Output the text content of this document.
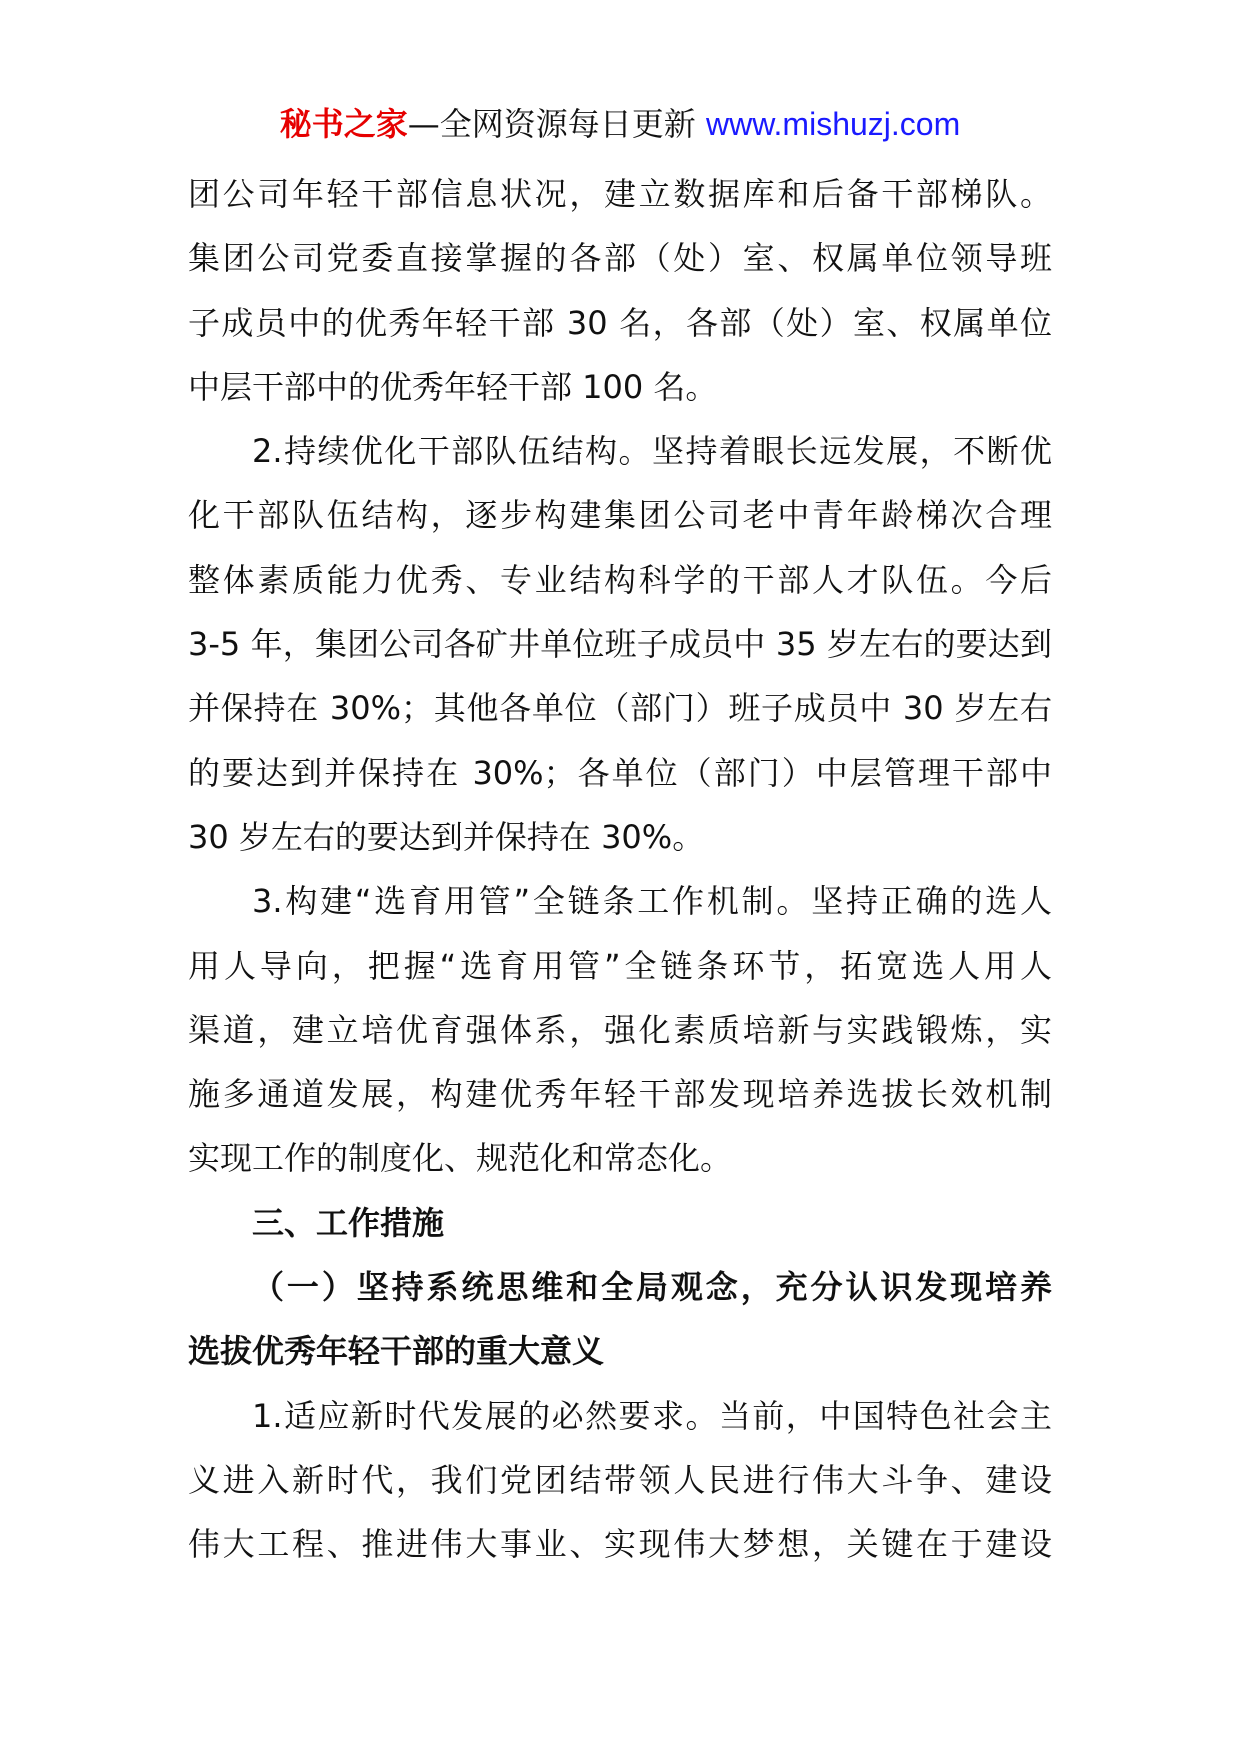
秘书之家—全网资源每日更新 www.mishuzj.com
团公司年轻干部信息状况，建立数据库和后备干部梯队。
集团公司党委直接掌握的各部（处）室、权属单位领导班
子成员中的优秀年轻干部 30 名，各部（处）室、权属单位
中层干部中的优秀年轻干部 100 名。
2.持续优化干部队伍结构。坚持着眼长远发展，不断优
化干部队伍结构，逐步构建集团公司老中青年龄梯次合理
整体素质能力优秀、专业结构科学的干部人才队伍。今后
3-5 年，集团公司各矿井单位班子成员中 35 岁左右的要达到
并保持在 30%；其他各单位（部门）班子成员中 30 岁左右
的要达到并保持在 30%；各单位（部门）中层管理干部中
30 岁左右的要达到并保持在 30%。
3.构建“选育用管”全链条工作机制。坚持正确的选人
用人导向，把握“选育用管”全链条环节，拓宽选人用人
渠道，建立培优育强体系，强化素质培新与实践锻炼，实
施多通道发展，构建优秀年轻干部发现培养选拔长效机制
实现工作的制度化、规范化和常态化。
三、工作措施
（一）坚持系统思维和全局观念，充分认识发现培养
选拔优秀年轻干部的重大意义
1.适应新时代发展的必然要求。当前，中国特色社会主
义进入新时代，我们党团结带领人民进行伟大斗争、建设
伟大工程、推进伟大事业、实现伟大梦想，关键在于建设
